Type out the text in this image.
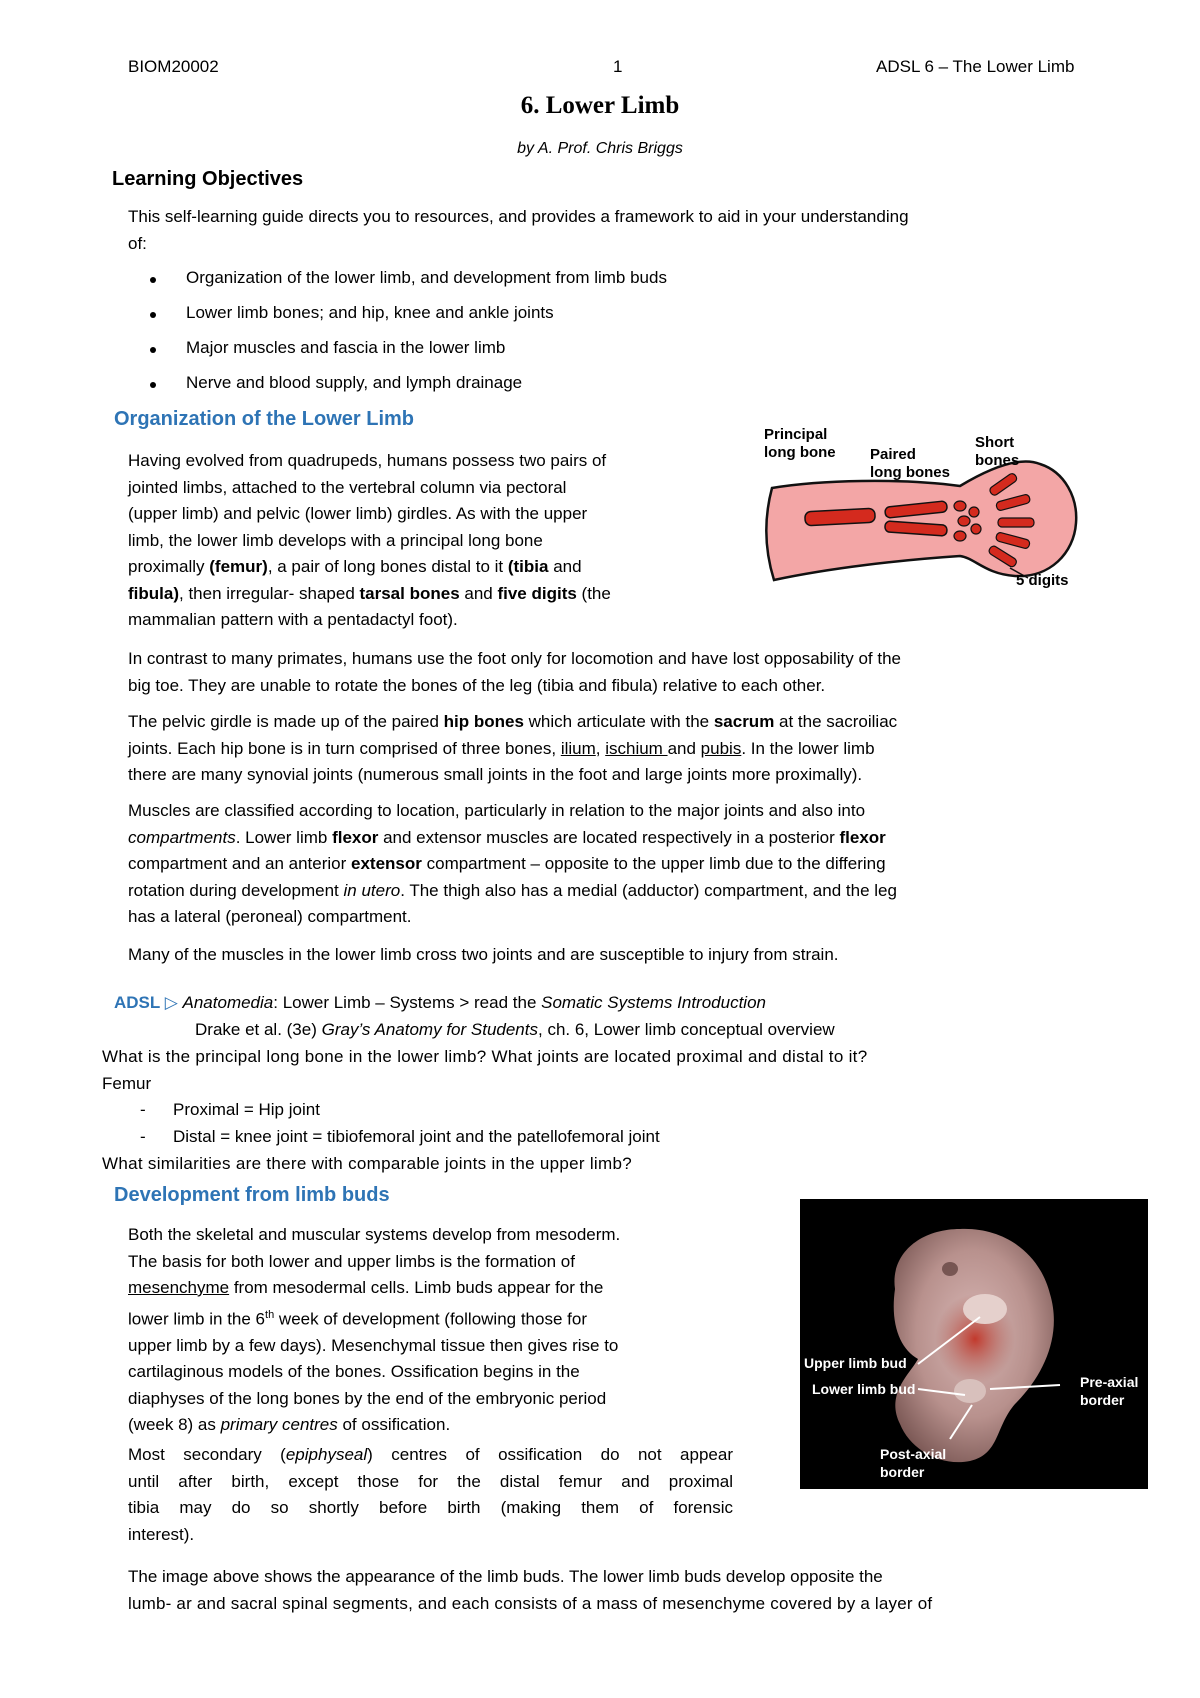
BIOM20002	1	ADSL 6 – The Lower Limb
6. Lower Limb
by A. Prof. Chris Briggs
Learning Objectives
This self-learning guide directs you to resources, and provides a framework to aid in your understanding
of:
Organization of the lower limb, and development from limb buds
Lower limb bones; and hip, knee and ankle joints
Major muscles and fascia in the lower limb
Nerve and blood supply, and lymph drainage
Organization of the Lower Limb
Having evolved from quadrupeds, humans possess two pairs of
jointed limbs, attached to the vertebral column via pectoral
(upper limb) and pelvic (lower limb) girdles. As with the upper
limb, the lower limb develops with a principal long bone
proximally (femur), a pair of long bones distal to it (tibia and
fibula), then irregular- shaped tarsal bones and five digits (the
mammalian pattern with a pentadactyl foot).
Principal
long bone Paired
long bones
Short
bones
5 digits
In contrast to many primates, humans use the foot only for locomotion and have lost opposability of the
big toe. They are unable to rotate the bones of the leg (tibia and fibula) relative to each other.
The pelvic girdle is made up of the paired hip bones which articulate with the sacrum at the sacroiliac
joints. Each hip bone is in turn comprised of three bones, ilium, ischium and pubis. In the lower limb
there are many synovial joints (numerous small joints in the foot and large joints more proximally).
Muscles are classified according to location, particularly in relation to the major joints and also into
compartments. Lower limb flexor and extensor muscles are located respectively in a posterior flexor
compartment and an anterior extensor compartment – opposite to the upper limb due to the differing
rotation during development in utero. The thigh also has a medial (adductor) compartment, and the leg
has a lateral (peroneal) compartment.
Many of the muscles in the lower limb cross two joints and are susceptible to injury from strain.
ADSL ▷ Anatomedia: Lower Limb – Systems > read the Somatic Systems Introduction
Drake et al. (3e) Gray’s Anatomy for Students, ch. 6, Lower limb conceptual overview
What is the principal long bone in the lower limb? What joints are located proximal and distal to it?
Femur
- Proximal = Hip joint
- Distal = knee joint = tibiofemoral joint and the patellofemoral joint
What similarities are there with comparable joints in the upper limb?
Development from limb buds
Both the skeletal and muscular systems develop from mesoderm.
The basis for both lower and upper limbs is the formation of
mesenchyme from mesodermal cells. Limb buds appear for the
lower limb in the 6th week of development (following those for
upper limb by a few days). Mesenchymal tissue then gives rise to
cartilaginous models of the bones. Ossification begins in the
diaphyses of the long bones by the end of the embryonic period
(week 8) as primary centres of ossification.
Most secondary (epiphyseal) centres of ossification do not appear
until after birth, except those for the distal femur and proximal
tibia may do so shortly before birth (making them of forensic
interest).
Upper limb bud
Lower limb bud	Pre-axial
border
Post-axial
border
The image above shows the appearance of the limb buds. The lower limb buds develop opposite the
lumb- ar and sacral spinal segments, and each consists of a mass of mesenchyme covered by a layer of
